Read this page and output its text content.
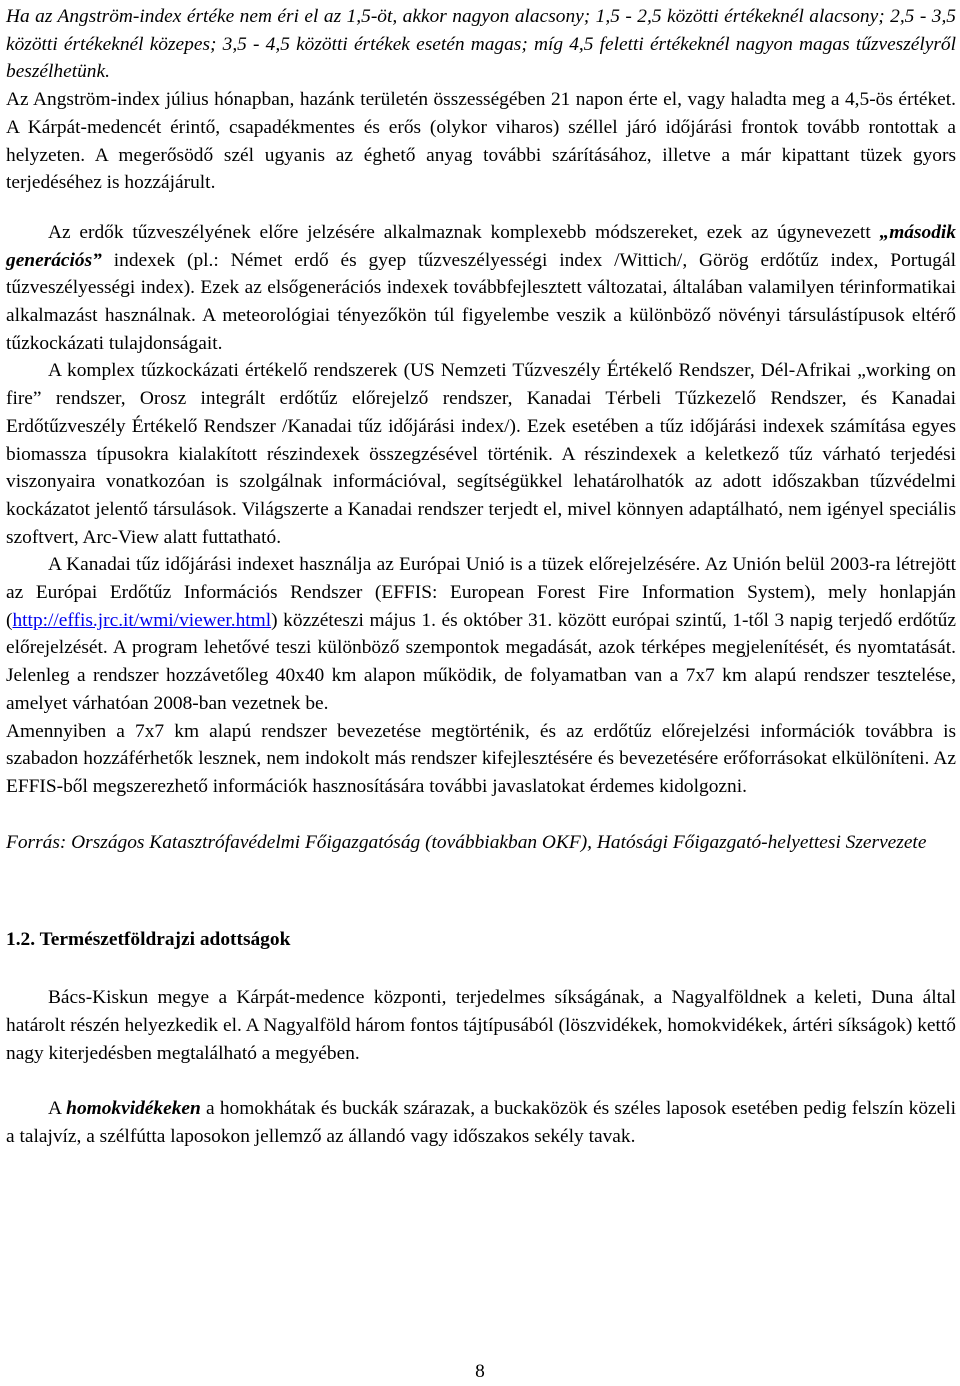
Ha az Angström-index értéke nem éri el az 1,5-öt, akkor nagyon alacsony; 1,5 - 2,5 közötti értékeknél alacsony; 2,5 - 3,5 közötti értékeknél közepes; 3,5 - 4,5 közötti értékek esetén magas; míg 4,5 feletti értékeknél nagyon magas tűzveszélyről beszélhetünk.

Az Angström-index július hónapban, hazánk területén összességében 21 napon érte el, vagy haladta meg a 4,5-ös értéket. A Kárpát-medencét érintő, csapadékmentes és erős (olykor viharos) széllel járó időjárási frontok tovább rontottak a helyzeten. A megerősödő szél ugyanis az éghető anyag további szárításához, illetve a már kipattant tüzek gyors terjedéséhez is hozzájárult.

Az erdők tűzveszélyének előre jelzésére alkalmaznak komplexebb módszereket, ezek az úgynevezett „második generációs” indexek (pl.: Német erdő és gyep tűzveszélyességi index /Wittich/, Görög erdőtűz index, Portugál tűzveszélyességi index). Ezek az elsőgenerációs indexek továbbfejlesztett változatai, általában valamilyen térinformatikai alkalmazást használnak. A meteorológiai tényezőkön túl figyelembe veszik a különböző növényi társulástípusok eltérő tűzkockázati tulajdonságait.

A komplex tűzkockázati értékelő rendszerek (US Nemzeti Tűzveszély Értékelő Rendszer, Dél-Afrikai „working on fire” rendszer, Orosz integrált erdőtűz előrejelző rendszer, Kanadai Térbeli Tűzkezelő Rendszer, és Kanadai Erdőtűzveszély Értékelő Rendszer /Kanadai tűz időjárási index/). Ezek esetében a tűz időjárási indexek számítása egyes biomassza típusokra kialakított részindexek összegzésével történik. A részindexek a keletkező tűz várható terjedési viszonyaira vonatkozóan is szolgálnak információval, segítségükkel lehatárolhatók az adott időszakban tűzvédelmi kockázatot jelentő társulások. Világszerte a Kanadai rendszer terjedt el, mivel könnyen adaptálható, nem igényel speciális szoftvert, Arc-View alatt futtatható.

A Kanadai tűz időjárási indexet használja az Európai Unió is a tüzek előrejelzésére. Az Unión belül 2003-ra létrejött az Európai Erdőtűz Információs Rendszer (EFFIS: European Forest Fire Information System), mely honlapján (http://effis.jrc.it/wmi/viewer.html) közzéteszi május 1. és október 31. között európai szintű, 1-től 3 napig terjedő erdőtűz előrejelzését. A program lehetővé teszi különböző szempontok megadását, azok térképes megjelenítését, és nyomtatását. Jelenleg a rendszer hozzávetőleg 40x40 km alapon működik, de folyamatban van a 7x7 km alapú rendszer tesztelése, amelyet várhatóan 2008-ban vezetnek be.

Amennyiben a 7x7 km alapú rendszer bevezetése megtörténik, és az erdőtűz előrejelzési információk továbbra is szabadon hozzáférhetők lesznek, nem indokolt más rendszer kifejlesztésére és bevezetésére erőforrásokat elkülöníteni. Az EFFIS-ből megszerezhető információk hasznosítására további javaslatokat érdemes kidolgozni.

Forrás: Országos Katasztrófavédelmi Főigazgatóság (továbbiakban OKF), Hatósági Főigazgató-helyettesi Szervezete

1.2. Természetföldrajzi adottságok

Bács-Kiskun megye a Kárpát-medence központi, terjedelmes síkságának, a Nagyalföldnek a keleti, Duna által határolt részén helyezkedik el. A Nagyalföld három fontos tájtípusából (löszvidékek, homokvidékek, ártéri síkságok) kettő nagy kiterjedésben megtalálható a megyében.

A homokvidékeken a homokhátak és buckák szárazak, a buckaközök és széles laposok esetében pedig felszín közeli a talajvíz, a szélfútta laposokon jellemző az állandó vagy időszakos sekély tavak.

8
